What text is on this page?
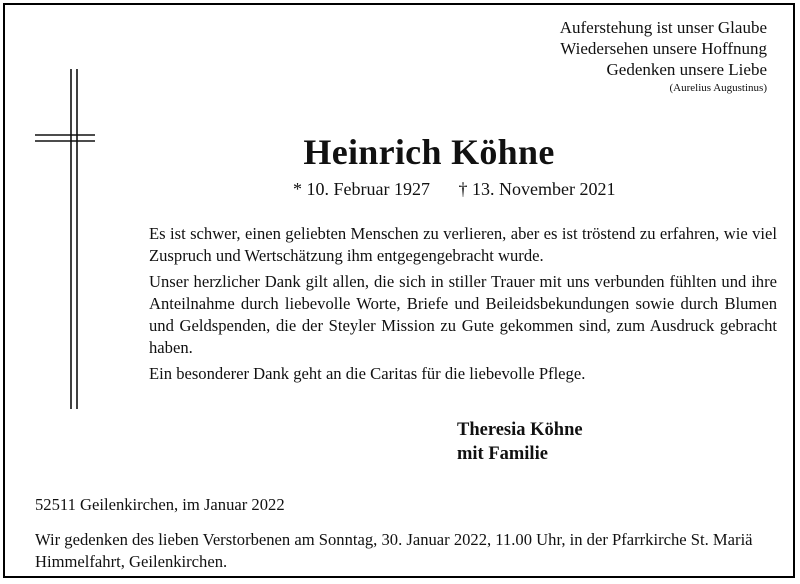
Auferstehung ist unser Glaube
Wiedersehen unsere Hoffnung
Gedenken unsere Liebe
(Aurelius Augustinus)
Heinrich Köhne
* 10. Februar 1927 † 13. November 2021

Es ist schwer, einen geliebten Menschen zu verlieren, aber es ist tröstend zu erfahren, wie viel Zuspruch und Wertschätzung ihm entgegengebracht wurde.

Unser herzlicher Dank gilt allen, die sich in stiller Trauer mit uns verbunden fühlten und ihre Anteilnahme durch liebevolle Worte, Briefe und Beileidsbekundungen sowie durch Blumen und Geldspenden, die der Steyler Mission zu Gute gekommen sind, zum Ausdruck gebracht haben.

Ein besonderer Dank geht an die Caritas für die liebevolle Pflege.

Theresia Köhne
mit Familie
52511 Geilenkirchen, im Januar 2022
Wir gedenken des lieben Verstorbenen am Sonntag, 30. Januar 2022, 11.00 Uhr, in der Pfarrkirche St. Mariä Himmelfahrt, Geilenkirchen.
